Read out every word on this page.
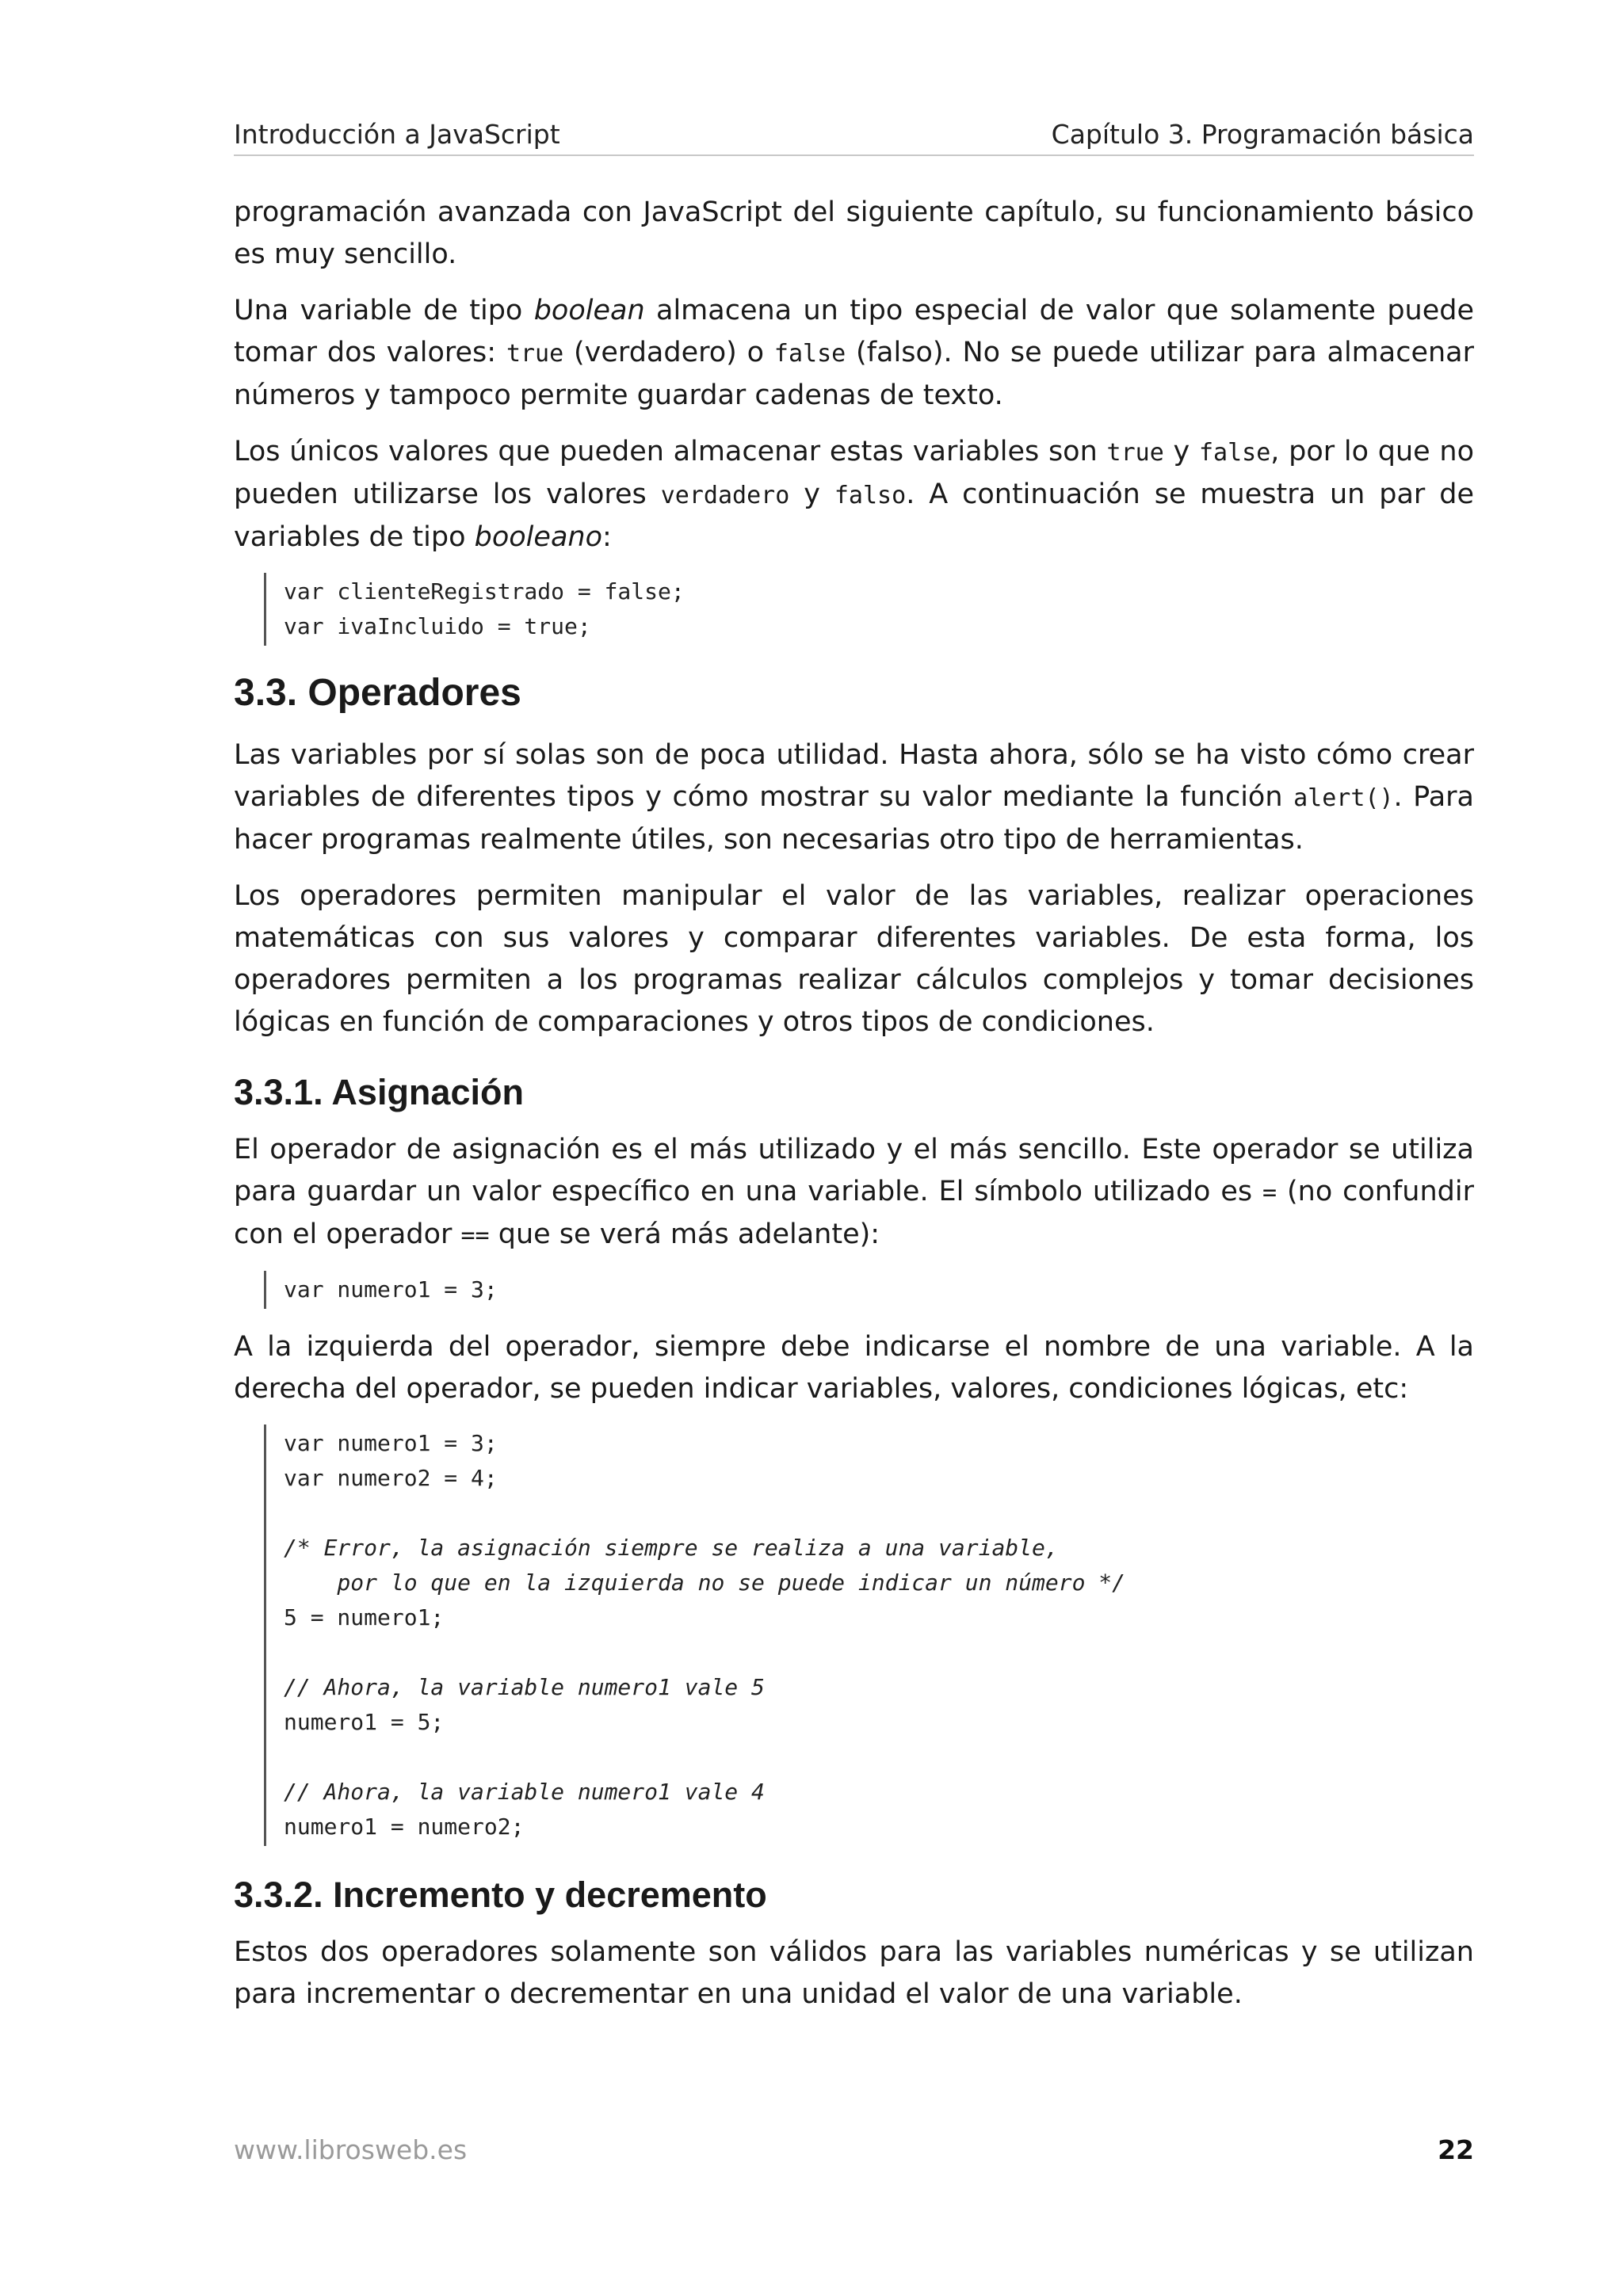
Introducción a JavaScript	Capítulo 3. Programación básica

programación avanzada con JavaScript del siguiente capítulo, su funcionamiento básico es muy sencillo.

Una variable de tipo boolean almacena un tipo especial de valor que solamente puede tomar dos valores: true (verdadero) o false (falso). No se puede utilizar para almacenar números y tampoco permite guardar cadenas de texto.

Los únicos valores que pueden almacenar estas variables son true y false, por lo que no pueden utilizarse los valores verdadero y falso. A continuación se muestra un par de variables de tipo booleano:

var clienteRegistrado = false;
var ivaIncluido = true;
3.3. Operadores

Las variables por sí solas son de poca utilidad. Hasta ahora, sólo se ha visto cómo crear variables de diferentes tipos y cómo mostrar su valor mediante la función alert(). Para hacer programas realmente útiles, son necesarias otro tipo de herramientas.

Los operadores permiten manipular el valor de las variables, realizar operaciones matemáticas con sus valores y comparar diferentes variables. De esta forma, los operadores permiten a los programas realizar cálculos complejos y tomar decisiones lógicas en función de comparaciones y otros tipos de condiciones.

3.3.1. Asignación

El operador de asignación es el más utilizado y el más sencillo. Este operador se utiliza para guardar un valor específico en una variable. El símbolo utilizado es = (no confundir con el operador == que se verá más adelante):

var numero1 = 3;

A la izquierda del operador, siempre debe indicarse el nombre de una variable. A la derecha del operador, se pueden indicar variables, valores, condiciones lógicas, etc:

var numero1 = 3;
var numero2 = 4;
/* Error, la asignación siempre se realiza a una variable,
por lo que en la izquierda no se puede indicar un número */
5 = numero1;
// Ahora, la variable numero1 vale 5
numero1 = 5;
// Ahora, la variable numero1 vale 4
numero1 = numero2;
3.3.2. Incremento y decremento

Estos dos operadores solamente son válidos para las variables numéricas y se utilizan para incrementar o decrementar en una unidad el valor de una variable.

www.librosweb.es	22
